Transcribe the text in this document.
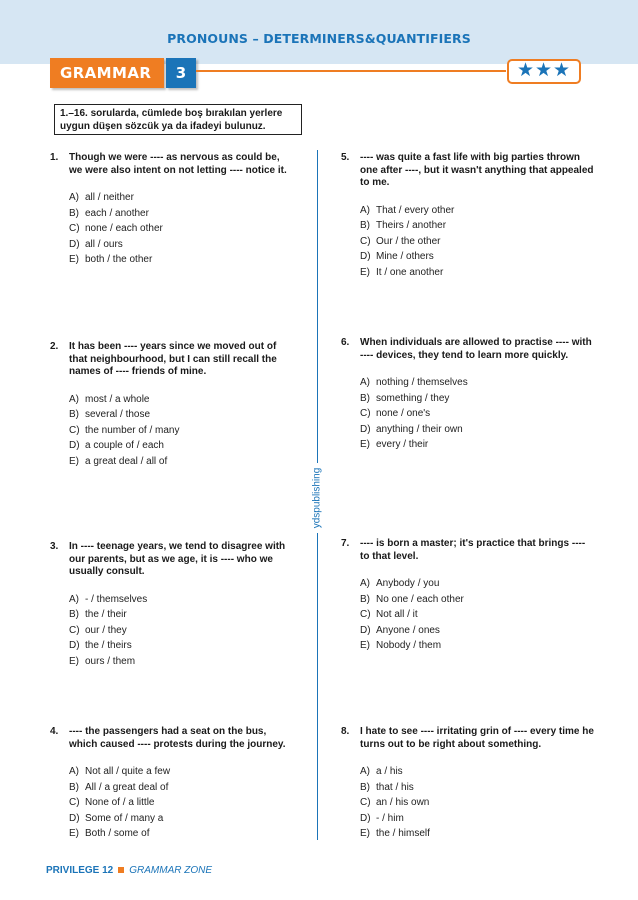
PRONOUNS – DETERMINERS&QUANTIFIERS
GRAMMAR	3	★★★
1.–16. sorularda, cümlede boş bırakılan yerlere uygun düşen sözcük ya da ifadeyi bulunuz.
ydspublishing
1. Though we were ---- as nervous as could be, we were also intent on not letting ---- notice it.
A) all / neither
B) each / another
C) none / each other
D) all / ours
E) both / the other
2. It has been ---- years since we moved out of that neighbourhood, but I can still recall the names of ---- friends of mine.
A) most / a whole
B) several / those
C) the number of / many
D) a couple of / each
E) a great deal / all of
3. In ---- teenage years, we tend to disagree with our parents, but as we age, it is ---- who we usually consult.
A) - / themselves
B) the / their
C) our / they
D) the / theirs
E) ours / them
4. ---- the passengers had a seat on the bus, which caused ---- protests during the journey.
A) Not all / quite a few
B) All / a great deal of
C) None of / a little
D) Some of / many a
E) Both / some of
5. ---- was quite a fast life with big parties thrown one after ----, but it wasn't anything that appealed to me.
A) That / every other
B) Theirs / another
C) Our / the other
D) Mine / others
E) It / one another
6. When individuals are allowed to practise ---- with ---- devices, they tend to learn more quickly.
A) nothing / themselves
B) something / they
C) none / one's
D) anything / their own
E) every / their
7. ---- is born a master; it's practice that brings ---- to that level.
A) Anybody / you
B) No one / each other
C) Not all / it
D) Anyone / ones
E) Nobody / them
8. I hate to see ---- irritating grin of ---- every time he turns out to be right about something.
A) a / his
B) that / his
C) an / his own
D) - / him
E) the / himself
PRIVILEGE 12 GRAMMAR ZONE
